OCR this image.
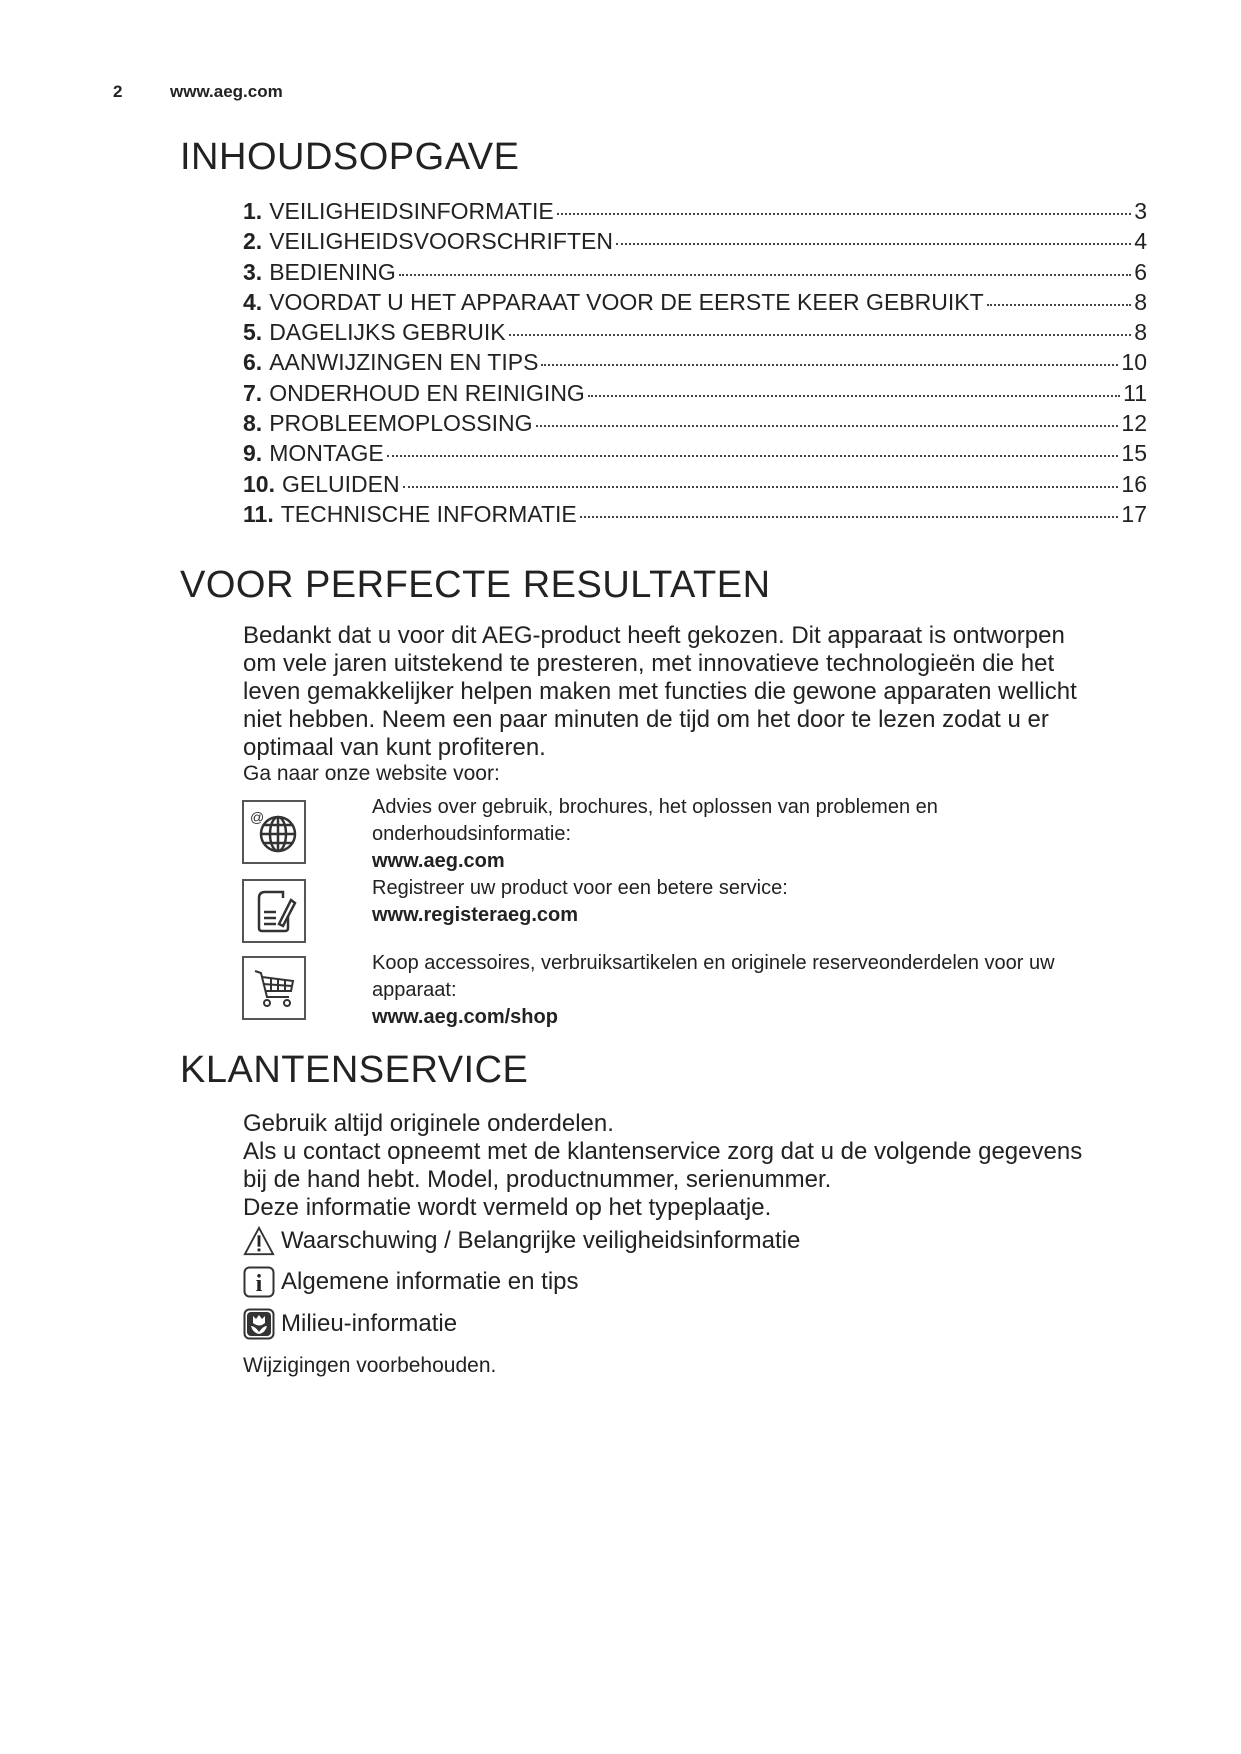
2	www.aeg.com
INHOUDSOPGAVE
1. VEILIGHEIDSINFORMATIE	3
2. VEILIGHEIDSVOORSCHRIFTEN	4
3. BEDIENING	6
4. VOORDAT U HET APPARAAT VOOR DE EERSTE KEER GEBRUIKT	8
5. DAGELIJKS GEBRUIK	8
6. AANWIJZINGEN EN TIPS	10
7. ONDERHOUD EN REINIGING	11
8. PROBLEEMOPLOSSING	12
9. MONTAGE	15
10. GELUIDEN	16
11. TECHNISCHE INFORMATIE	17
VOOR PERFECTE RESULTATEN

Bedankt dat u voor dit AEG-product heeft gekozen. Dit apparaat is ontworpen

om vele jaren uitstekend te presteren, met innovatieve technologieën die het

leven gemakkelijker helpen maken met functies die gewone apparaten wellicht

niet hebben. Neem een paar minuten de tijd om het door te lezen zodat u er

optimaal van kunt profiteren.

Ga naar onze website voor:

@	Advies over gebruik, brochures, het oplossen van problemen en
onderhoudsinformatie:
www.aeg.com
Registreer uw product voor een betere service:
www.registeraeg.com
Koop accessoires, verbruiksartikelen en originele reserveonderdelen voor uw
apparaat:
www.aeg.com/shop
KLANTENSERVICE

Gebruik altijd originele onderdelen.

Als u contact opneemt met de klantenservice zorg dat u de volgende gegevens

bij de hand hebt. Model, productnummer, serienummer.

Deze informatie wordt vermeld op het typeplaatje.

Waarschuwing / Belangrijke veiligheidsinformatie
i Algemene informatie en tips
Milieu-informatie
Wijzigingen voorbehouden.
